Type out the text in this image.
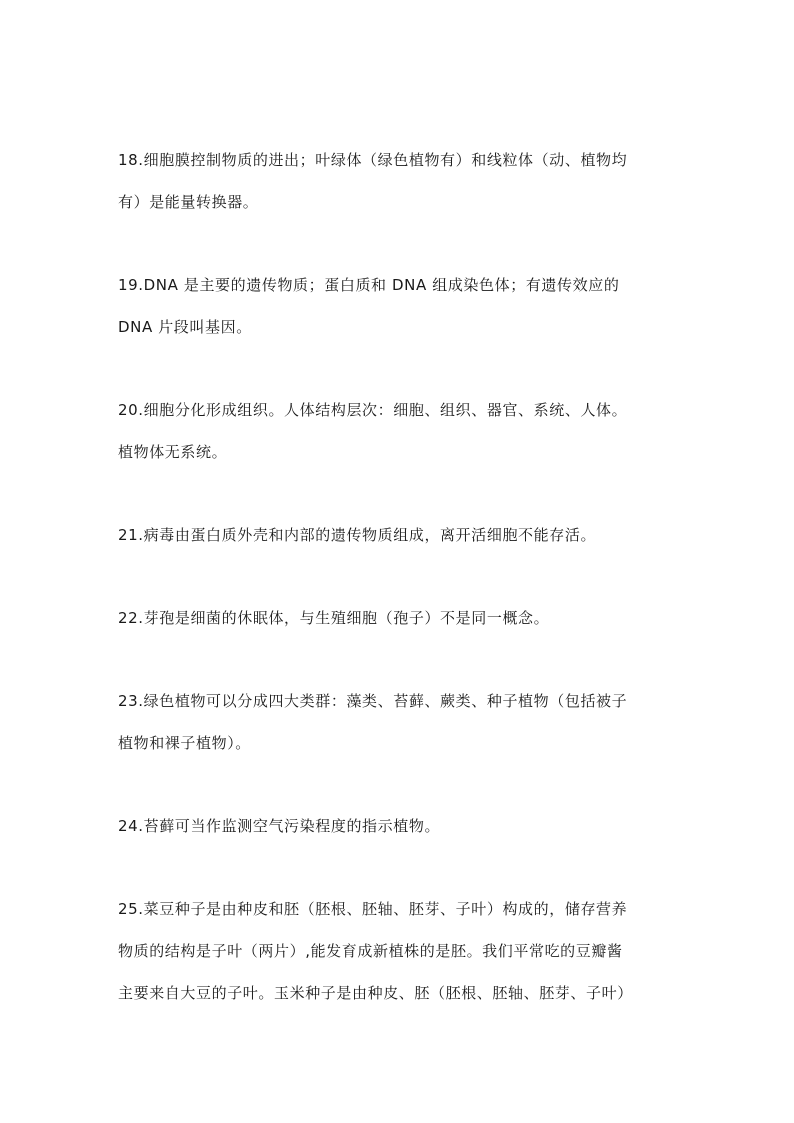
18.细胞膜控制物质的进出；叶绿体（绿色植物有）和线粒体（动、植物均
有）是能量转换器。
19.DNA 是主要的遗传物质；蛋白质和 DNA 组成染色体；有遗传效应的
DNA 片段叫基因。
20.细胞分化形成组织。人体结构层次：细胞、组织、器官、系统、人体。
植物体无系统。
21.病毒由蛋白质外壳和内部的遗传物质组成，离开活细胞不能存活。
22.芽孢是细菌的休眠体，与生殖细胞（孢子）不是同一概念。
23.绿色植物可以分成四大类群：藻类、苔藓、蕨类、种子植物（包括被子
植物和裸子植物）。
24.苔藓可当作监测空气污染程度的指示植物。
25.菜豆种子是由种皮和胚（胚根、胚轴、胚芽、子叶）构成的，储存营养
物质的结构是子叶（两片）,能发育成新植株的是胚。我们平常吃的豆瓣酱
主要来自大豆的子叶。玉米种子是由种皮、胚（胚根、胚轴、胚芽、子叶）
